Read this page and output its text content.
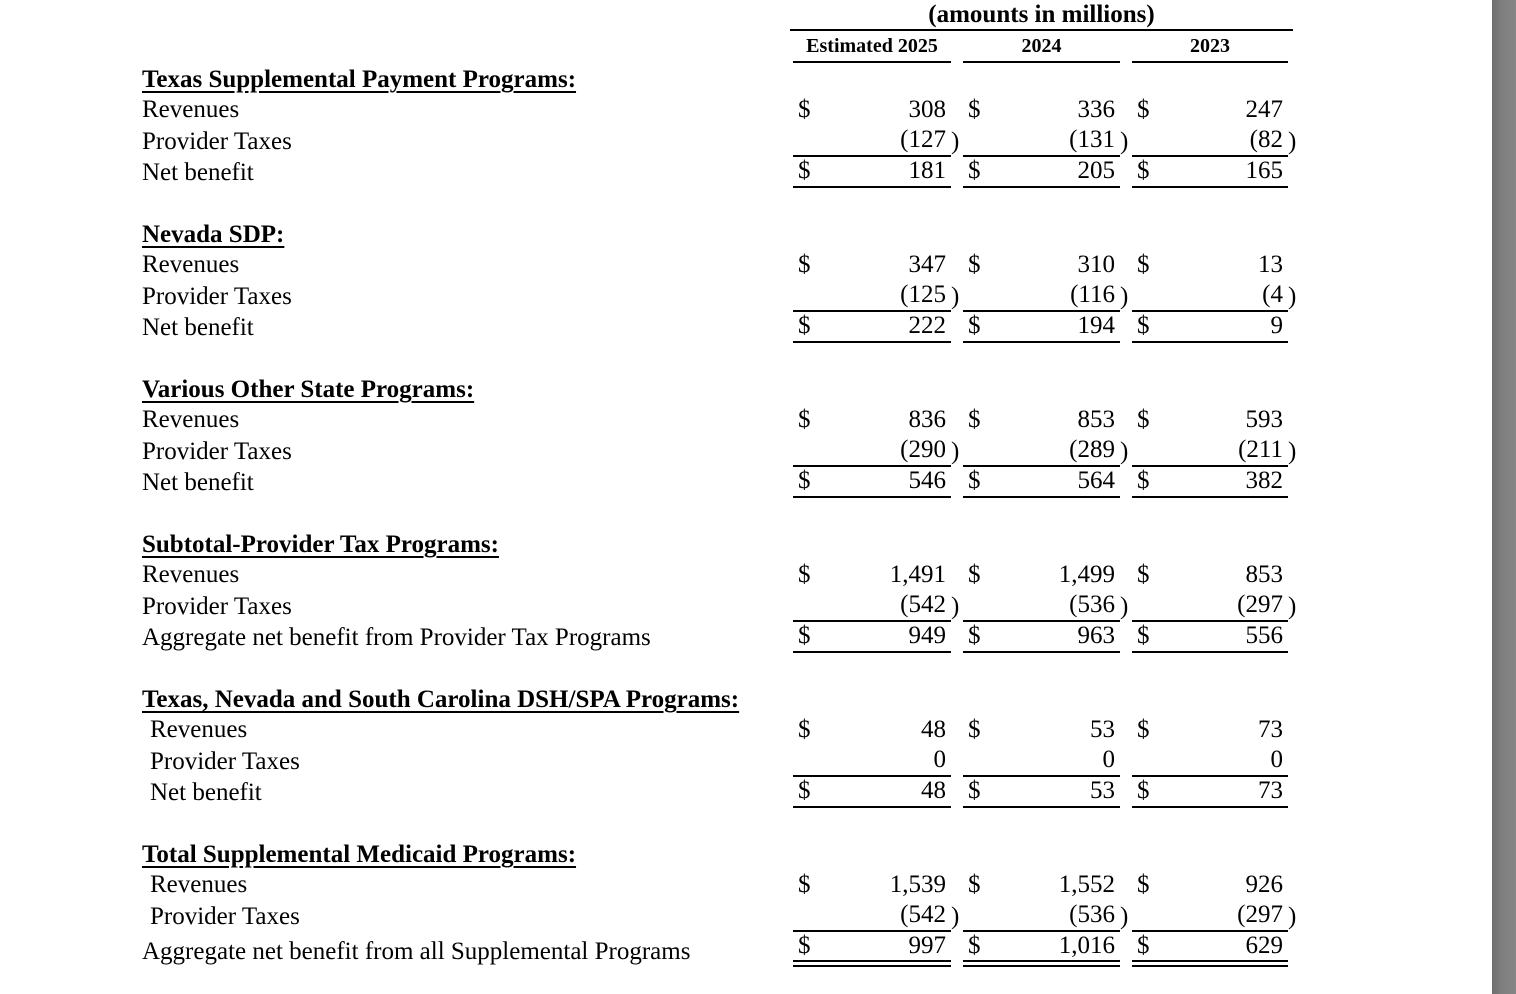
(amounts in millions)
Estimated 2025	2024	2023
Texas Supplemental Payment Programs:
Revenues	$	308 $	336 $	247
Provider Taxes	(127 )	(131 )	(82 )
Net benefit	$	181 $	205 $	165
Nevada SDP:
Revenues	$	347 $	310 $	13
Provider Taxes	(125 )	(116 )	(4 )
Net benefit	$	222 $	194 $	9
Various Other State Programs:
Revenues	$	836 $	853 $	593
Provider Taxes	(290 )	(289 )	(211 )
Net benefit	$	546 $	564 $	382
Subtotal-Provider Tax Programs:
Revenues	$	1,491 $	1,499 $	853
Provider Taxes	(542 )	(536 )	(297 )
Aggregate net benefit from Provider Tax Programs	$	949 $	963 $	556
Texas, Nevada and South Carolina DSH/SPA Programs:
Revenues	$	48 $	53 $	73
Provider Taxes	0	0	0
Net benefit	$	48 $	53 $	73
Total Supplemental Medicaid Programs:
Revenues	$	1,539 $	1,552 $	926
Provider Taxes	(542 )	(536 )	(297 )
Aggregate net benefit from all Supplemental Programs	$	997 $	1,016 $	629
